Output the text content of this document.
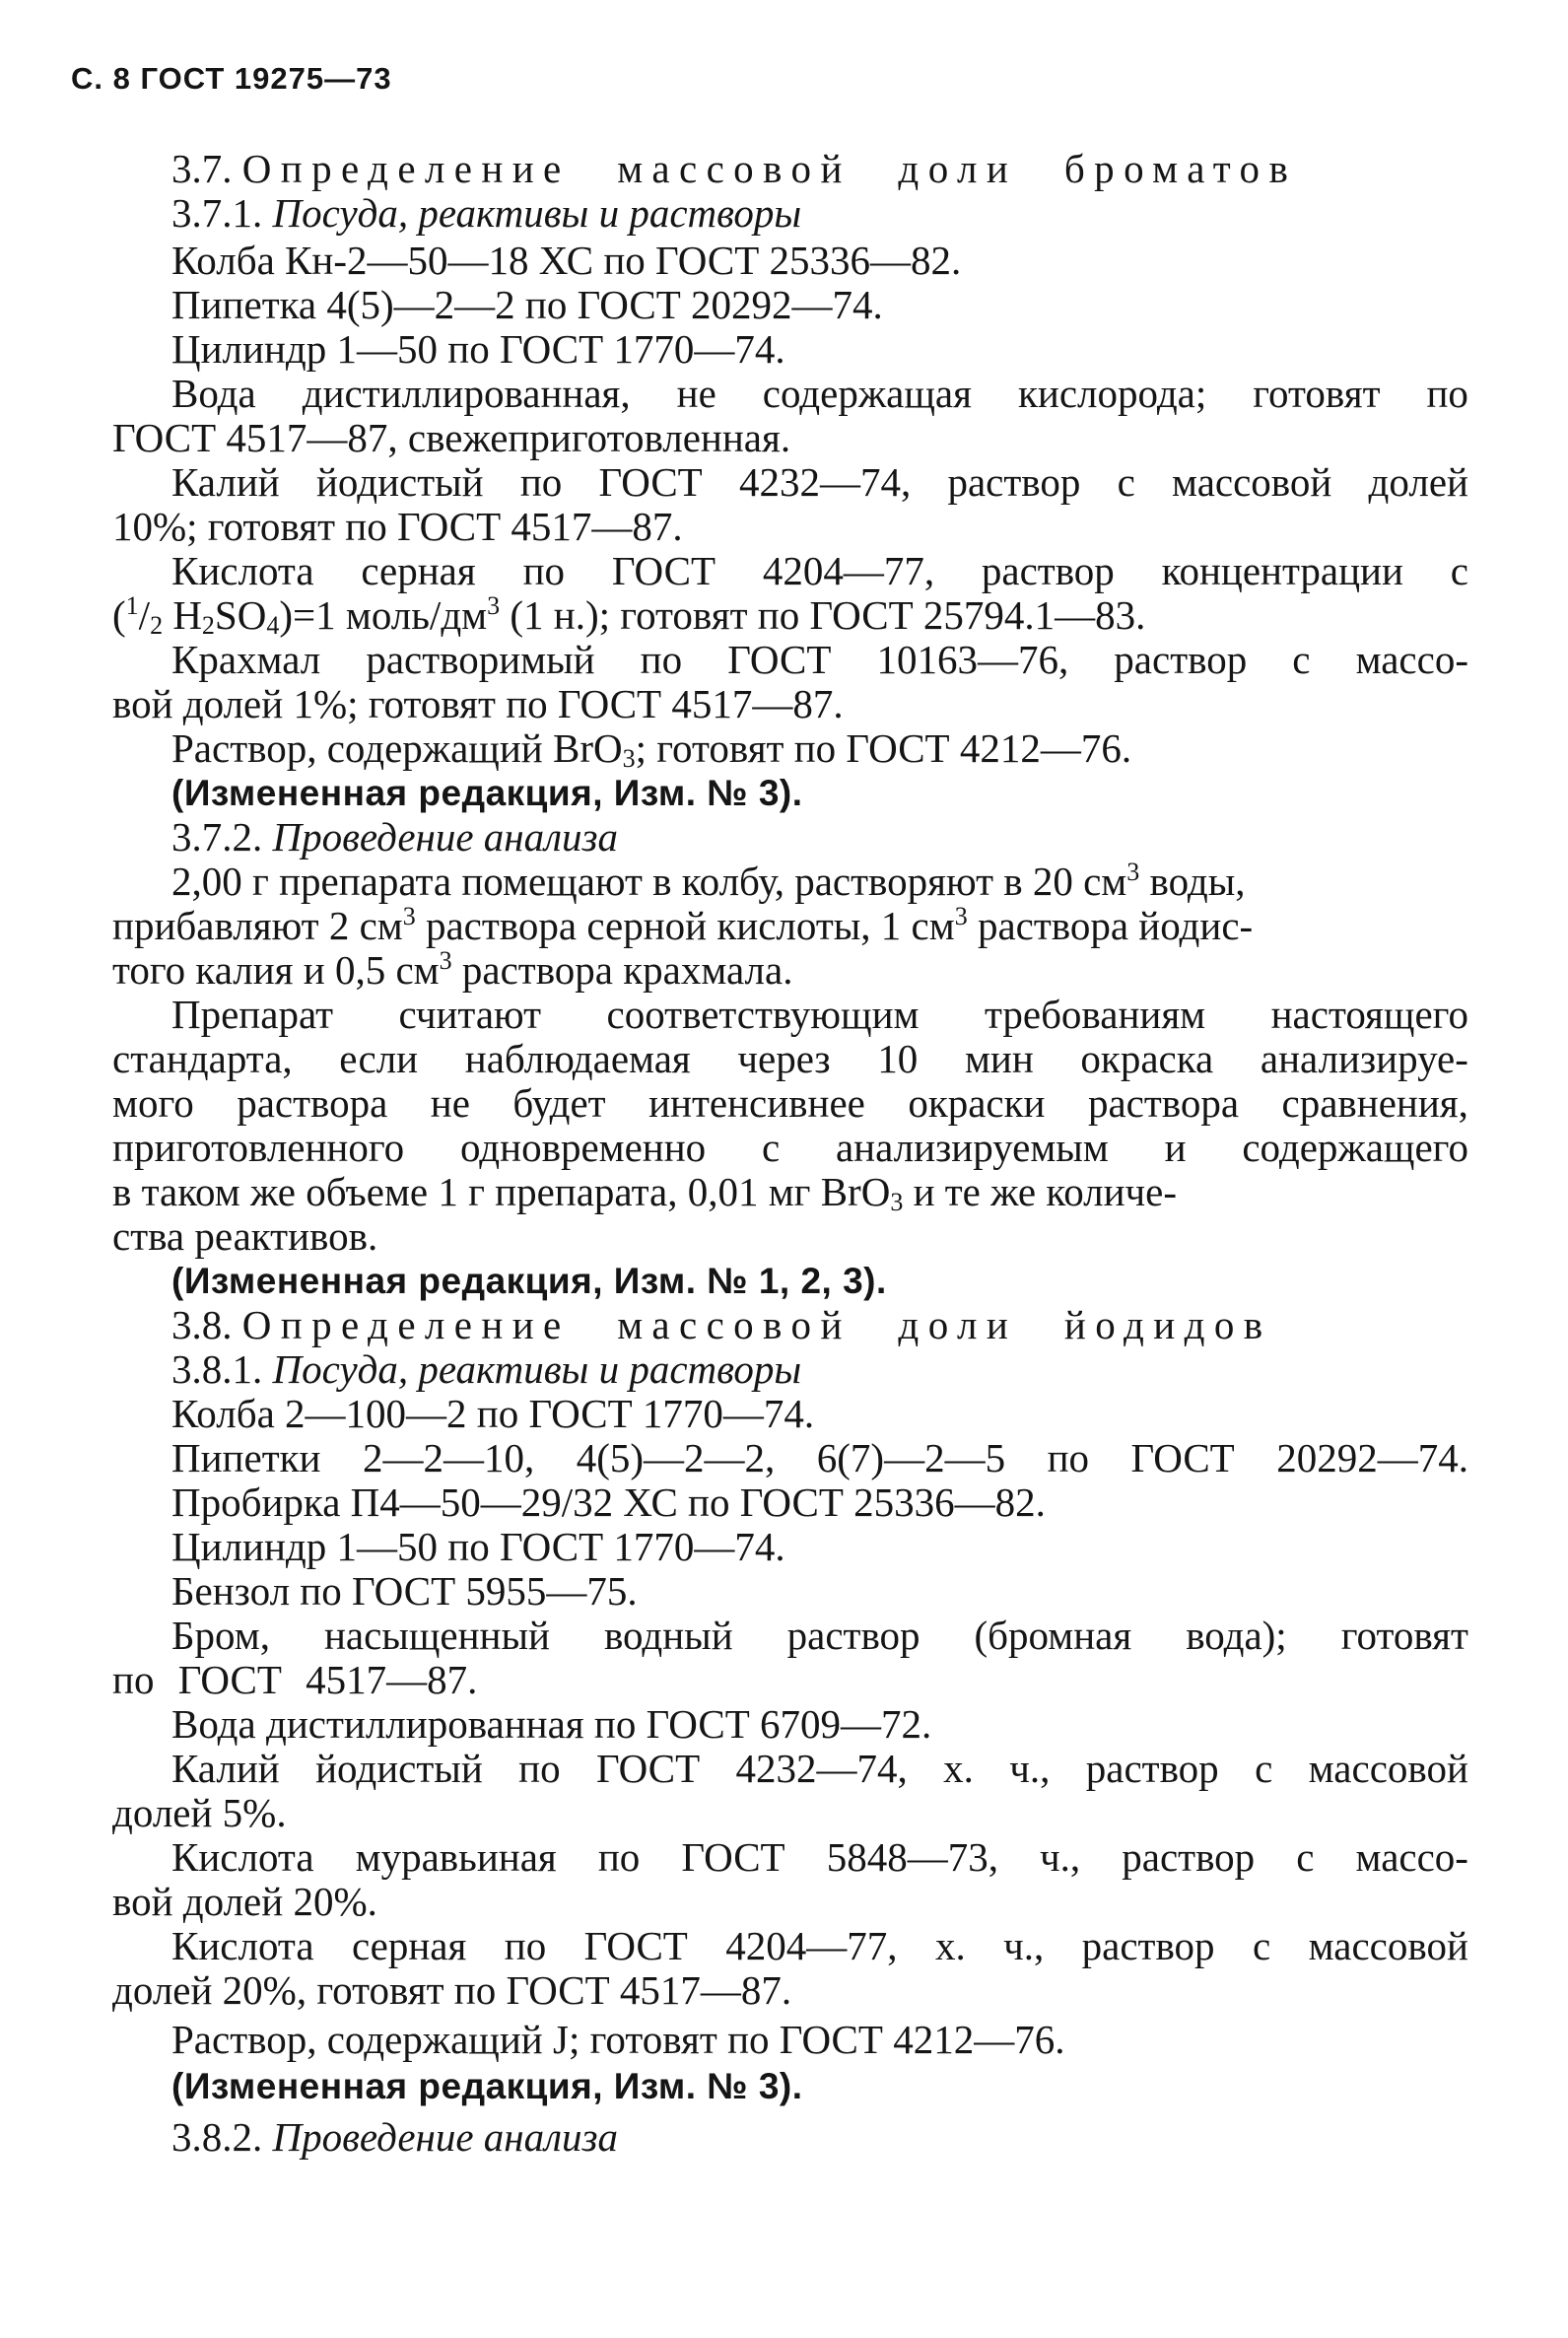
С. 8 ГОСТ 19275—73
3.7. Определение массовой доли броматов
3.7.1. Посуда, реактивы и растворы
Колба Кн-2—50—18 ХС по ГОСТ 25336—82.
Пипетка 4(5)—2—2 по ГОСТ 20292—74.
Цилиндр 1—50 по ГОСТ 1770—74.
Вода дистиллированная, не содержащая кислорода; готовят по
ГОСТ 4517—87, свежеприготовленная.
Калий йодистый по ГОСТ 4232—74, раствор с массовой долей
10%; готовят по ГОСТ 4517—87.
Кислота серная по ГОСТ 4204—77, раствор концентрации с
($^1/_2$ $H_2SO_4)=1$ моль/$дм^3$ (1 н.); готовят по ГОСТ 25794.1—83.
Крахмал растворимый по ГОСТ 10163—76, раствор с массо-
вой долей 1%; готовят по ГОСТ 4517—87.
Раствор, содержащий BrO$_3$; готовят по ГОСТ 4212—76.
(Измененная редакция, Изм. № 3).
3.7.2. Проведение анализа
2,00 г препарата помещают в колбу, растворяют в 20 $см^3$ воды,
прибавляют 2 $см^3$ раствора серной кислоты, 1 $см^3$ раствора йодис-
того калия и 0,5 $см^3$ раствора крахмала.
Препарат считают соответствующим требованиям настоящего
стандарта, если наблюдаемая через 10 мин окраска анализируе-
мого раствора не будет интенсивнее окраски раствора сравнения,
приготовленного одновременно с анализируемым и содержащего
в таком же объеме 1 г препарата, 0,01 мг BrO$_3$ и те же количе-
ства реактивов.
(Измененная редакция, Изм. № 1, 2, 3).
3.8. Определение массовой доли йодидов
3.8.1. Посуда, реактивы и растворы
Колба 2—100—2 по ГОСТ 1770—74.
Пипетки 2—2—10, 4(5)—2—2, 6(7)—2—5 по ГОСТ 20292—74.
Пробирка П4—50—29/32 ХС по ГОСТ 25336—82.
Цилиндр 1—50 по ГОСТ 1770—74.
Бензол по ГОСТ 5955—75.
Бром, насыщенный водный раствор (бромная вода); готовят
по ГОСТ 4517—87.
Вода дистиллированная по ГОСТ 6709—72.
Калий йодистый по ГОСТ 4232—74, х. ч., раствор с массовой
долей 5%.
Кислота муравьиная по ГОСТ 5848—73, ч., раствор с массо-
вой долей 20%.
Кислота серная по ГОСТ 4204—77, х. ч., раствор с массовой
долей 20%, готовят по ГОСТ 4517—87.
Раствор, содержащий J; готовят по ГОСТ 4212—76.
(Измененная редакция, Изм. № 3).
3.8.2. Проведение анализа
